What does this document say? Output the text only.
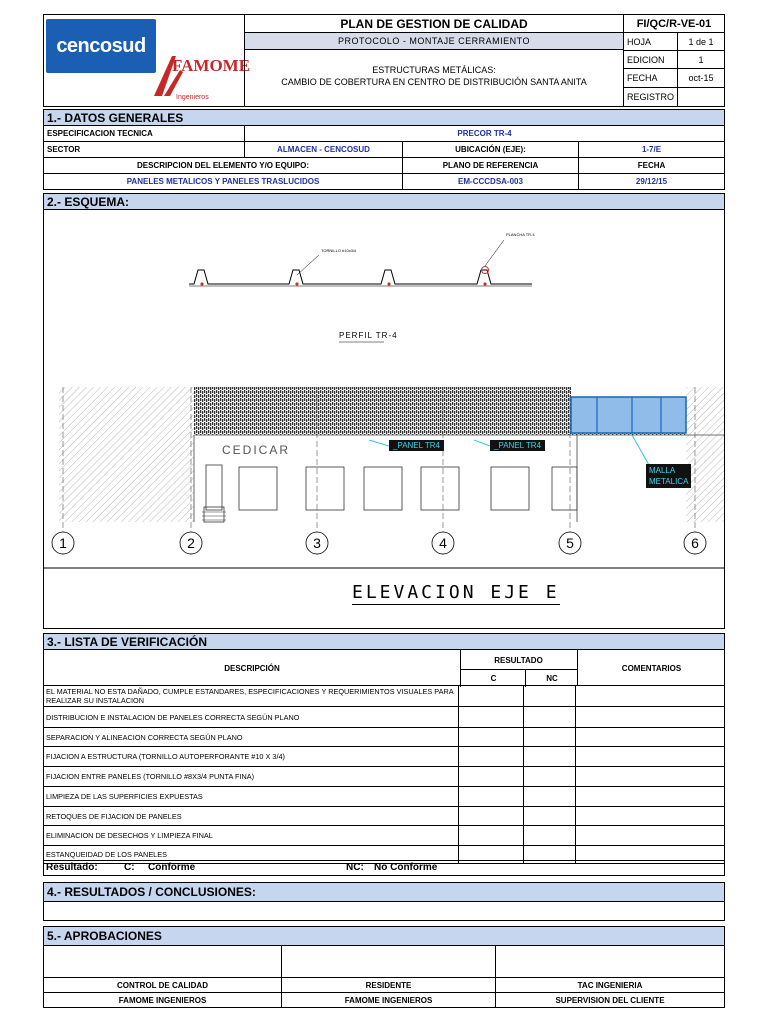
cencosud
FAMOME
Ingenieros
PLAN DE GESTION DE CALIDAD
PROTOCOLO - MONTAJE CERRAMIENTO
ESTRUCTURAS METÁLICAS:
CAMBIO DE COBERTURA EN CENTRO DE DISTRIBUCIÓN SANTA ANITA
FI/QC/R-VE-01
HOJA	1 de 1
EDICION	1
FECHA	oct-15
REGISTRO
1.- DATOS GENERALES
ESPECIFICACION TECNICA	PRECOR TR-4
SECTOR	ALMACEN - CENCOSUD	UBICACIÓN (EJE):	1-7/E
DESCRIPCION DEL ELEMENTO Y/O EQUIPO:	PLANO DE REFERENCIA	FECHA
PANELES METALICOS Y PANELES TRASLUCIDOS	EM-CCCDSA-003	29/12/15
2.- ESQUEMA:
TORNILLO #10x3/4
PLANCHA TR-4
PERFIL TR-4
CEDICAR	_PANEL TR4	_PANEL TR4
MALLA
METALICA
1	2	3	4	5	6
ELEVACION EJE E
3.- LISTA DE VERIFICACIÓN
DESCRIPCIÓN
RESULTADO
C	NC
COMENTARIOS
EL MATERIAL NO ESTA DAÑADO, CUMPLE ESTANDARES, ESPECIFICACIONES Y REQUERIMIENTOS VISUALES PARA REALIZAR SU INSTALACION			
DISTRIBUCION E INSTALACION DE PANELES CORRECTA SEGÚN PLANO			
SEPARACION Y ALINEACION CORRECTA SEGÚN PLANO			
FIJACION A ESTRUCTURA (TORNILLO AUTOPERFORANTE #10 X 3/4)			
FIJACION ENTRE PANELES (TORNILLO #8X3/4 PUNTA FINA)			
LIMPIEZA DE LAS SUPERFICIES EXPUESTAS			
RETOQUES DE FIJACION DE PANELES			
ELIMINACION DE DESECHOS Y LIMPIEZA FINAL			
ESTANQUEIDAD DE LOS PANELES			
Resultado:	C: Conforme	NC: No Conforme
4.- RESULTADOS / CONCLUSIONES:
5.- APROBACIONES
CONTROL DE CALIDAD	RESIDENTE	TAC INGENIERIA
FAMOME INGENIEROS	FAMOME INGENIEROS	SUPERVISION DEL CLIENTE
